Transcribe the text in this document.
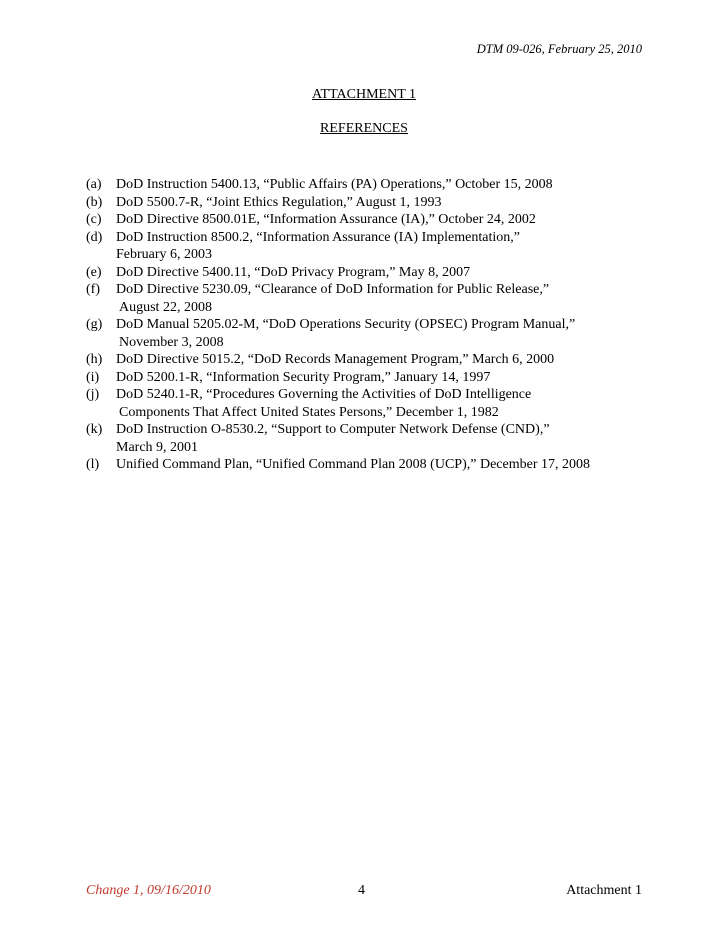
DTM 09-026, February 25, 2010
ATTACHMENT 1
REFERENCES
(a)	DoD Instruction 5400.13, “Public Affairs (PA) Operations,” October 15, 2008
(b) DoD 5500.7-R, “Joint Ethics Regulation,” August 1, 1993
(c)	DoD Directive 8500.01E, “Information Assurance (IA),” October 24, 2002
(d) DoD Instruction 8500.2, “Information Assurance (IA) Implementation,”
February 6, 2003
(e)	DoD Directive 5400.11, “DoD Privacy Program,” May 8, 2007
(f)	DoD Directive 5230.09, “Clearance of DoD Information for Public Release,”
August 22, 2008
(g) DoD Manual 5205.02-M, “DoD Operations Security (OPSEC) Program Manual,”
November 3, 2008
(h) DoD Directive 5015.2, “DoD Records Management Program,” March 6, 2000
(i)	DoD 5200.1-R, “Information Security Program,” January 14, 1997
(j)	DoD 5240.1-R, “Procedures Governing the Activities of DoD Intelligence
Components That Affect United States Persons,” December 1, 1982
(k) DoD Instruction O-8530.2, “Support to Computer Network Defense (CND),”
March 9, 2001
(l)	Unified Command Plan, “Unified Command Plan 2008 (UCP),” December 17, 2008
Change 1, 09/16/2010	4	Attachment 1
